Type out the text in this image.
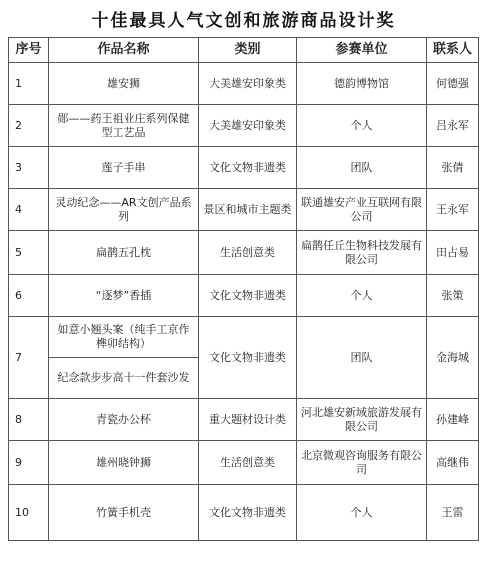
十佳最具人气文创和旅游商品设计奖
序号	作品名称	类别	参赛单位	联系人
1	雄安狮	大美雄安印象类	德韵博物馆	何德强
2	郧——药王祖业庄系列保健型工艺品	大美雄安印象类	个人	吕永军
3	莲子手串	文化文物非遗类	团队	张倩
4	灵动纪念——AR文创产品系列	景区和城市主题类	联通雄安产业互联网有限公司	王永军
5	扁鹊五孔枕	生活创意类	扁鹊任丘生物科技发展有限公司	田占易
6	“逐梦”香插	文化文物非遗类	个人	张策
7	如意小翘头案（纯手工京作榫卯结构）	文化文物非遗类	团队	金海城
	纪念款步步高十一件套沙发			
8	青瓷办公杯	重大题材设计类	河北雄安新域旅游发展有限公司	孙建峰
9	雄州晓钟狮	生活创意类	北京微观咨询服务有限公司	高继伟
10	竹簧手机壳	文化文物非遗类	个人	王雷
